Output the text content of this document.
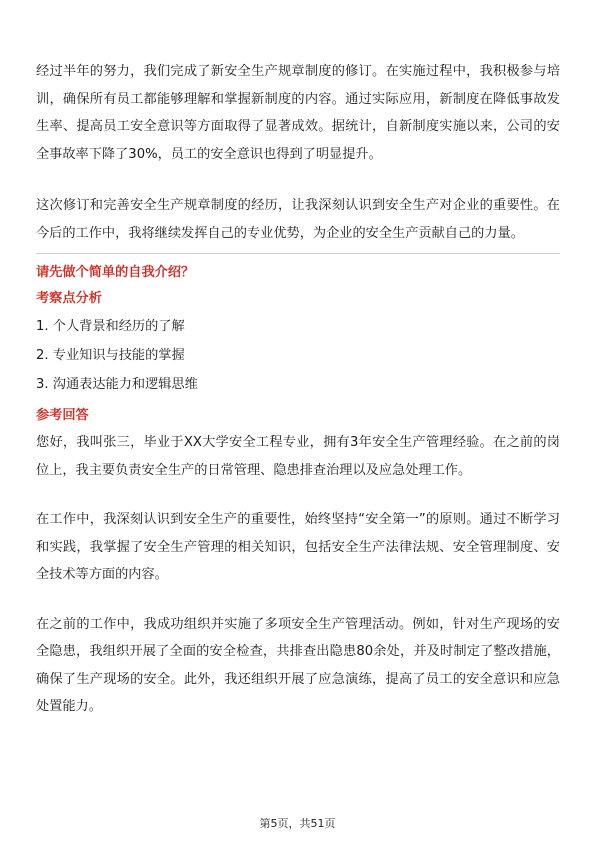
经过半年的努力，我们完成了新安全生产规章制度的修订。在实施过程中，我积极参与培训，确保所有员工都能够理解和掌握新制度的内容。通过实际应用，新制度在降低事故发生率、提高员工安全意识等方面取得了显著成效。据统计，自新制度实施以来，公司的安全事故率下降了30%，员工的安全意识也得到了明显提升。

这次修订和完善安全生产规章制度的经历，让我深刻认识到安全生产对企业的重要性。在今后的工作中，我将继续发挥自己的专业优势，为企业的安全生产贡献自己的力量。

请先做个简单的自我介绍？

考察点分析

1. 个人背景和经历的了解
2. 专业知识与技能的掌握
3. 沟通表达能力和逻辑思维

参考回答

您好，我叫张三，毕业于XX大学安全工程专业，拥有3年安全生产管理经验。在之前的岗位上，我主要负责安全生产的日常管理、隐患排查治理以及应急处理工作。

在工作中，我深刻认识到安全生产的重要性，始终坚持“安全第一”的原则。通过不断学习和实践，我掌握了安全生产管理的相关知识，包括安全生产法律法规、安全管理制度、安全技术等方面的内容。

在之前的工作中，我成功组织并实施了多项安全生产管理活动。例如，针对生产现场的安全隐患，我组织开展了全面的安全检查，共排查出隐患80余处，并及时制定了整改措施，确保了生产现场的安全。此外，我还组织开展了应急演练，提高了员工的安全意识和应急处置能力。

第5页，共51页
